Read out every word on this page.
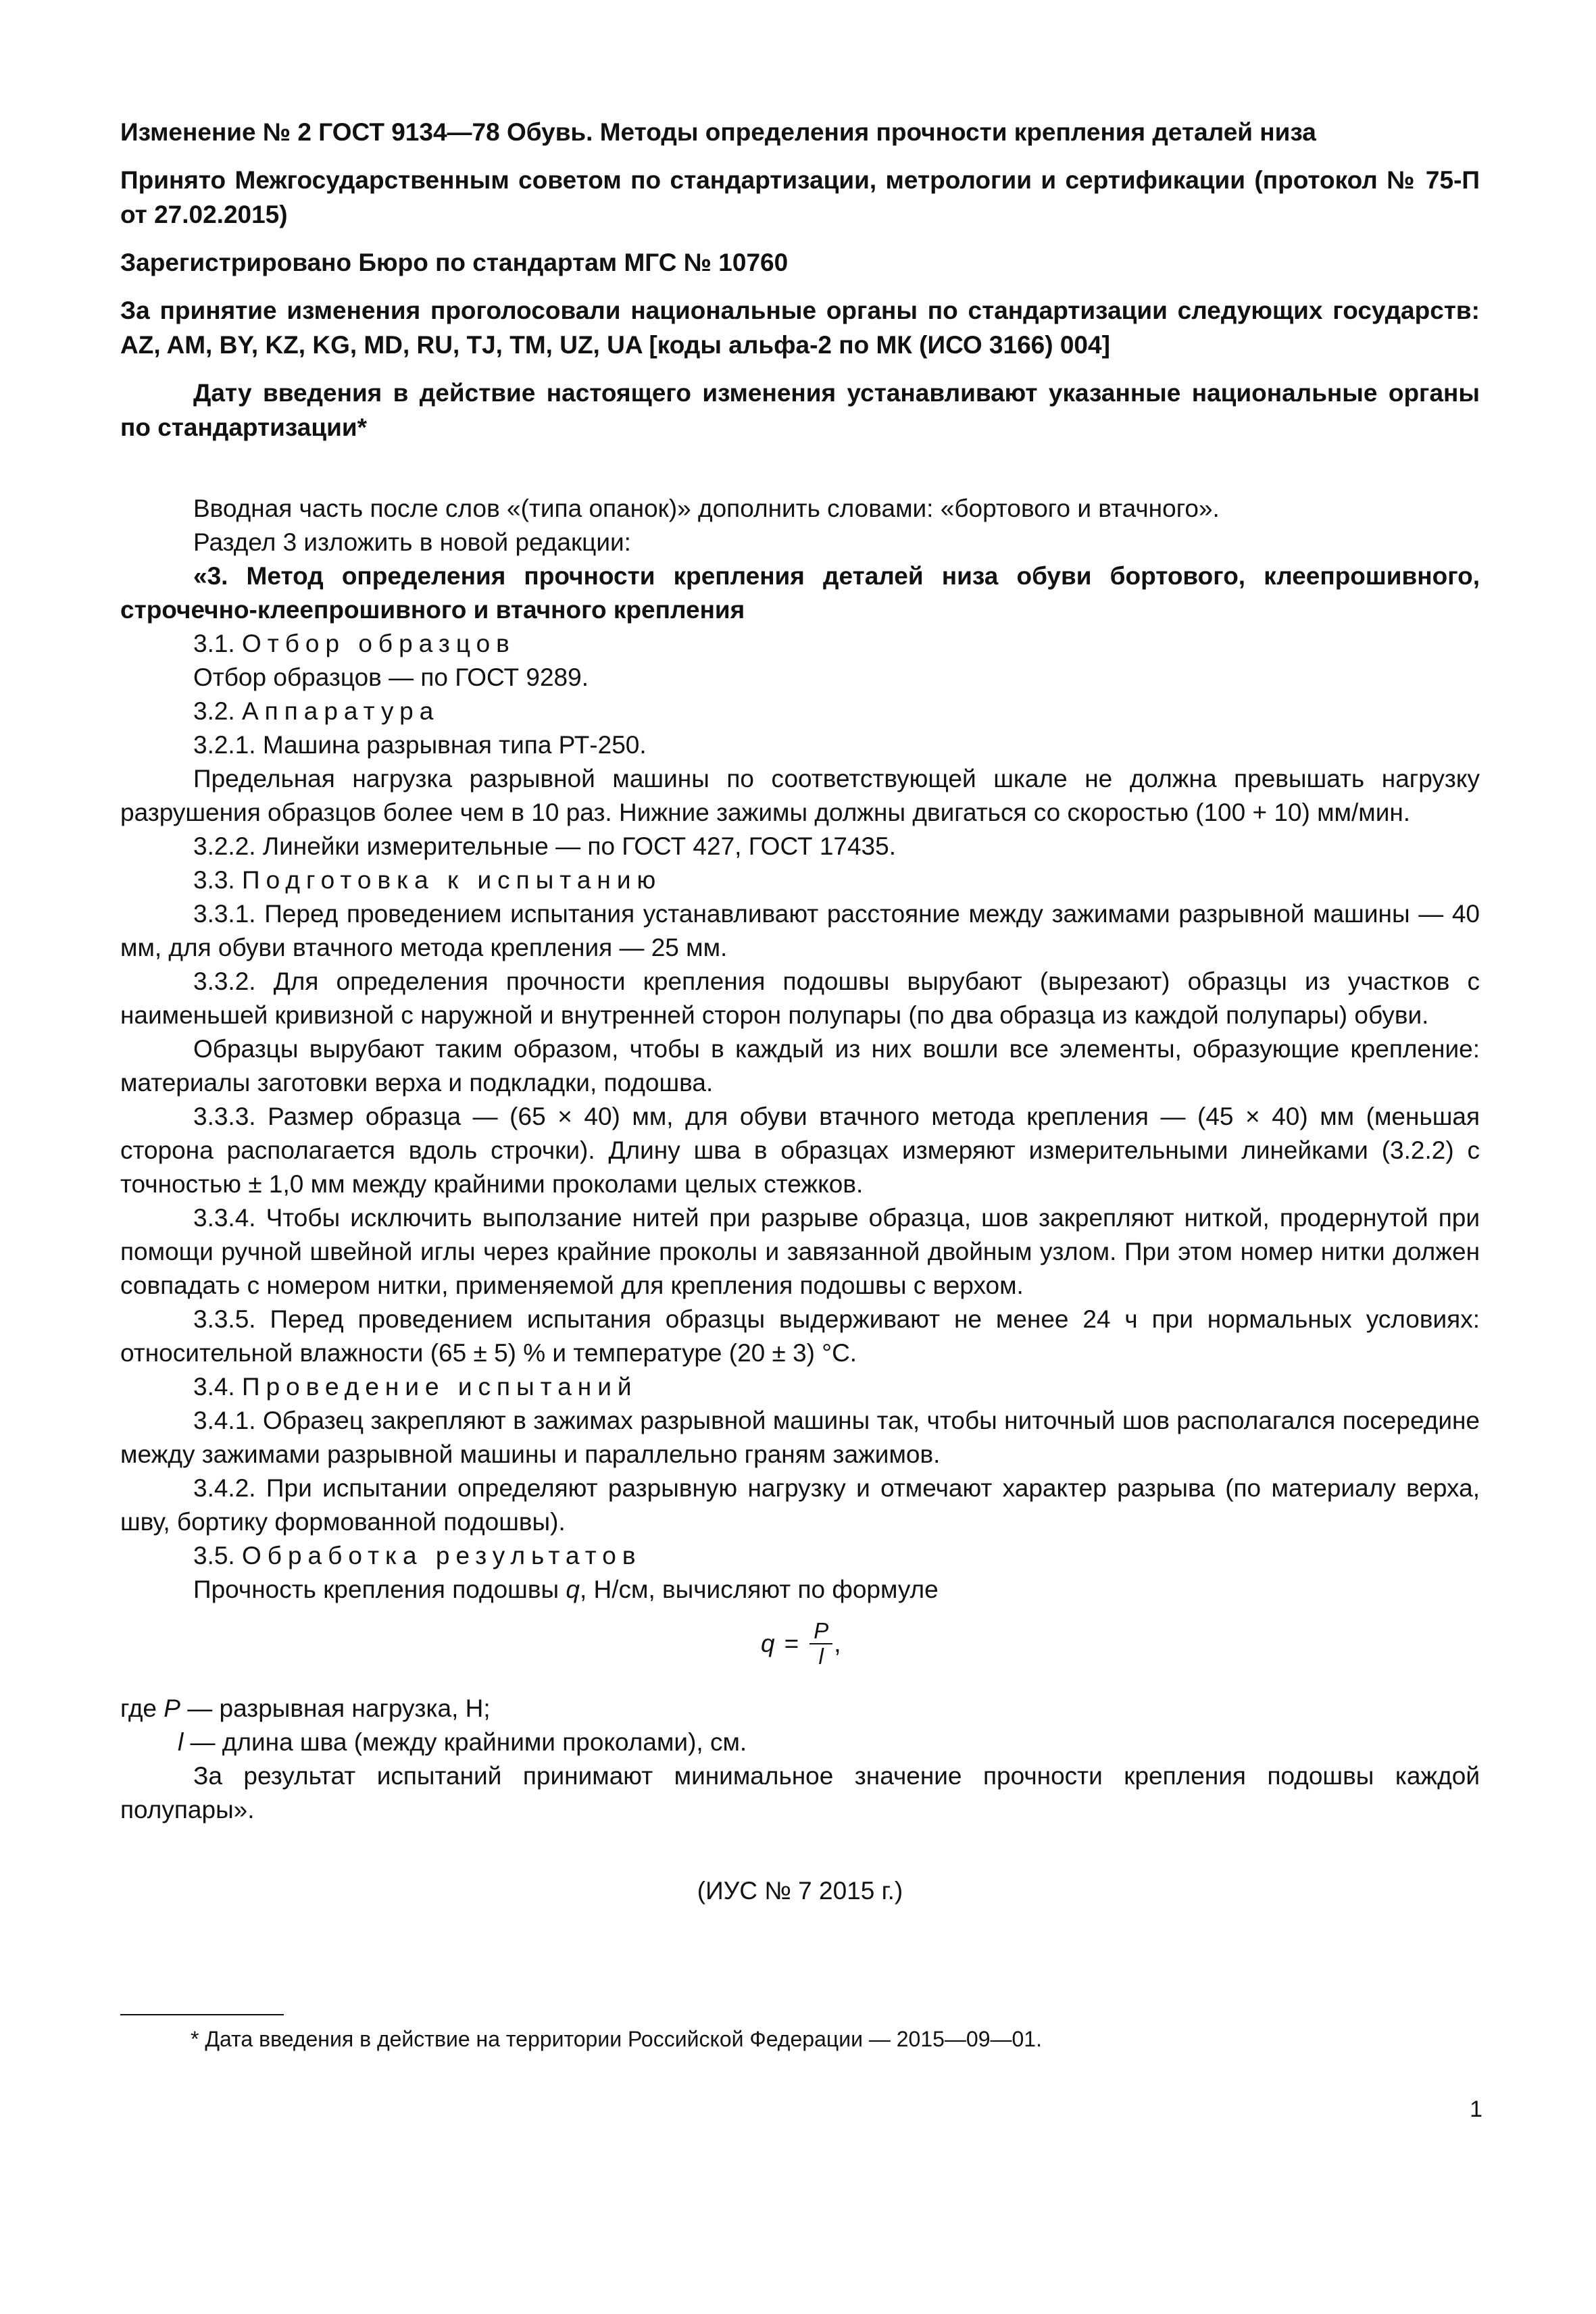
Изменение № 2 ГОСТ 9134—78 Обувь. Методы определения прочности крепления деталей низа

Принято Межгосударственным советом по стандартизации, метрологии и сертификации (протокол № 75-П от 27.02.2015)

Зарегистрировано Бюро по стандартам МГС № 10760

За принятие изменения проголосовали национальные органы по стандартизации следующих государств: AZ, AM, BY, KZ, KG, MD, RU, TJ, TM, UZ, UA [коды альфа-2 по МК (ИСО 3166) 004]

Дату введения в действие настоящего изменения устанавливают указанные национальные органы по стандартизации*

Вводная часть после слов «(типа опанок)» дополнить словами: «бортового и втачного».

Раздел 3 изложить в новой редакции:

«3. Метод определения прочности крепления деталей низа обуви бортового, клеепрошивного, строчечно-клеепрошивного и втачного крепления

3.1. Отбор образцов

Отбор образцов — по ГОСТ 9289.

3.2. Аппаратура

3.2.1. Машина разрывная типа РТ-250.

Предельная нагрузка разрывной машины по соответствующей шкале не должна превышать нагрузку разрушения образцов более чем в 10 раз. Нижние зажимы должны двигаться со скоростью (100 + 10) мм/мин.

3.2.2. Линейки измерительные — по ГОСТ 427, ГОСТ 17435.

3.3. Подготовка к испытанию

3.3.1. Перед проведением испытания устанавливают расстояние между зажимами разрывной машины — 40 мм, для обуви втачного метода крепления — 25 мм.

3.3.2. Для определения прочности крепления подошвы вырубают (вырезают) образцы из участков с наименьшей кривизной с наружной и внутренней сторон полупары (по два образца из каждой полупары) обуви.

Образцы вырубают таким образом, чтобы в каждый из них вошли все элементы, образующие крепление: материалы заготовки верха и подкладки, подошва.

3.3.3. Размер образца — (65 × 40) мм, для обуви втачного метода крепления — (45 × 40) мм (меньшая сторона располагается вдоль строчки). Длину шва в образцах измеряют измерительными линейками (3.2.2) с точностью ± 1,0 мм между крайними проколами целых стежков.

3.3.4. Чтобы исключить выползание нитей при разрыве образца, шов закрепляют ниткой, продернутой при помощи ручной швейной иглы через крайние проколы и завязанной двойным узлом. При этом номер нитки должен совпадать с номером нитки, применяемой для крепления подошвы с верхом.

3.3.5. Перед проведением испытания образцы выдерживают не менее 24 ч при нормальных условиях: относительной влажности (65 ± 5) % и температуре (20 ± 3) °С.

3.4. Проведение испытаний

3.4.1. Образец закрепляют в зажимах разрывной машины так, чтобы ниточный шов располагался посередине между зажимами разрывной машины и параллельно граням зажимов.

3.4.2. При испытании определяют разрывную нагрузку и отмечают характер разрыва (по материалу верха, шву, бортику формованной подошвы).

3.5. Обработка результатов

Прочность крепления подошвы q, Н/см, вычисляют по формуле

$q = \frac{P}{l}$ ,

где P — разрывная нагрузка, Н;

l — длина шва (между крайними проколами), см.

За результат испытаний принимают минимальное значение прочности крепления подошвы каждой полупары».

(ИУС № 7 2015 г.)
* Дата введения в действие на территории Российской Федерации — 2015—09—01.
1
